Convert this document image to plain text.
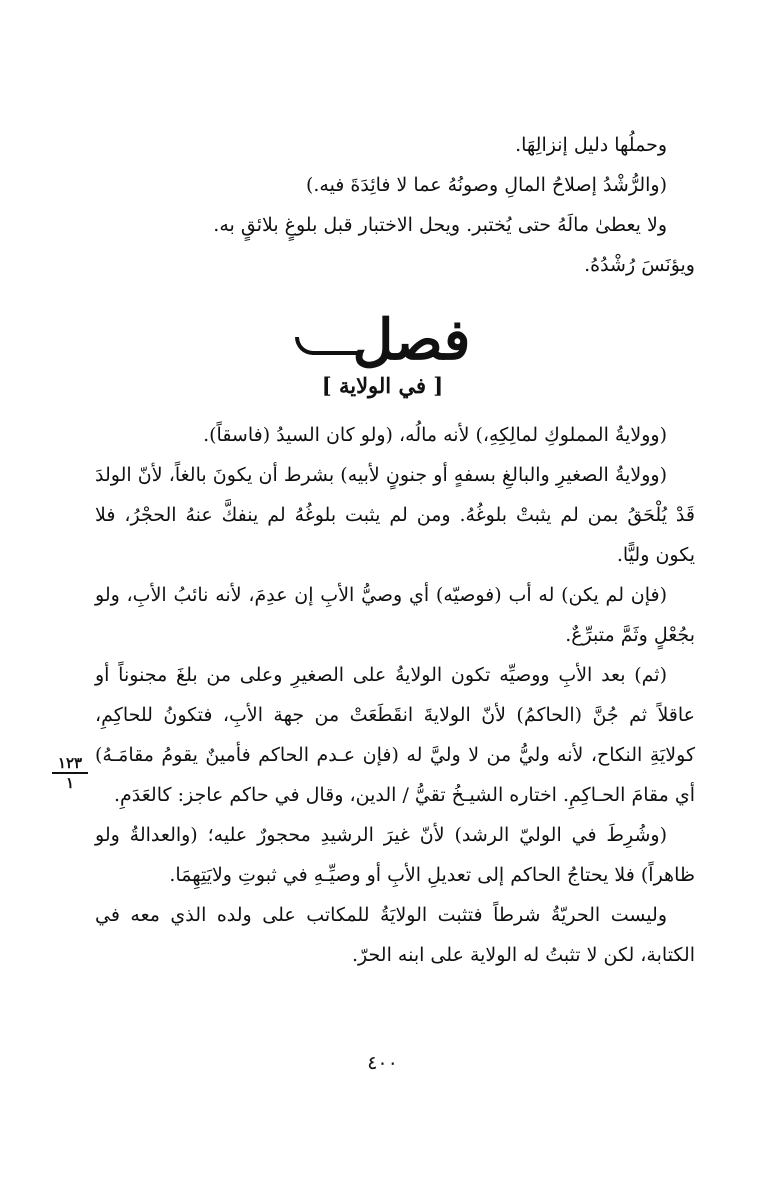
وحملُها دليل إنزالِهَا.

(والرُّشْدُ إصلاحُ المالِ وصونُهُ عما لا فائِدَةَ فيه.)

ولا يعطىٰ مالَهُ حتى يُختبر. ويحل الاختبار قبل بلوغٍ بلائقٍ به.

ويؤنَسَ رُشْدُهُ.

فصل
[ في الولاية ]

(وولايةُ المملوكِ لمالِكِهِ،) لأنه مالُه، (ولو كان السيدُ (فاسقاً).

(وولايةُ الصغيرِ والبالغِ بسفهٍ أو جنونٍ لأبيه) بشرط أن يكونَ بالغاً، لأنّ الولدَ قَدْ يُلْحَقُ بمن لم يثبتْ بلوغُهُ. ومن لم يثبت بلوغُهُ لم ينفكَّ عنهُ الحجْرُ، فلا يكون وليًّا.

(فإن لم يكن) له أب (فوصيّه) أي وصيُّ الأبِ إن عدِمَ، لأنه نائبُ الأبِ، ولو بجُعْلٍ وثَمَّ متبرِّعٌ.

(ثم) بعد الأبِ ووصيِّه تكون الولايةُ على الصغيرِ وعلى من بلغَ مجنوناً أو عاقلاً ثم جُنَّ (الحاكمُ) لأنّ الولايةَ انقَطَعَتْ من جهة الأبِ، فتكونُ للحاكِمِ، كولايَةِ النكاح، لأنه وليُّ من لا وليَّ له (فإن عـدم الحاكم فأمينٌ يقومُ مقامَـهُ) أي مقامَ الحـاكِمِ. اختاره الشيـخُ تقيُّ / الدين، وقال في حاكم عاجز: كالعَدَمِ.

(وشُرِطَ في الوليّ الرشد) لأنّ غيرَ الرشيدِ محجورٌ عليه؛ (والعدالةُ ولو ظاهراً) فلا يحتاجُ الحاكم إلى تعديلِ الأبِ أو وصيِّـهِ في ثبوتِ ولايَتِهِمَا.

وليست الحريّةُ شرطاً فتثبت الولايَةُ للمكاتب على ولده الذي معه في الكتابة، لكن لا تثبتُ له الولاية على ابنه الحرّ.

١٢٣
١
٤٠٠
